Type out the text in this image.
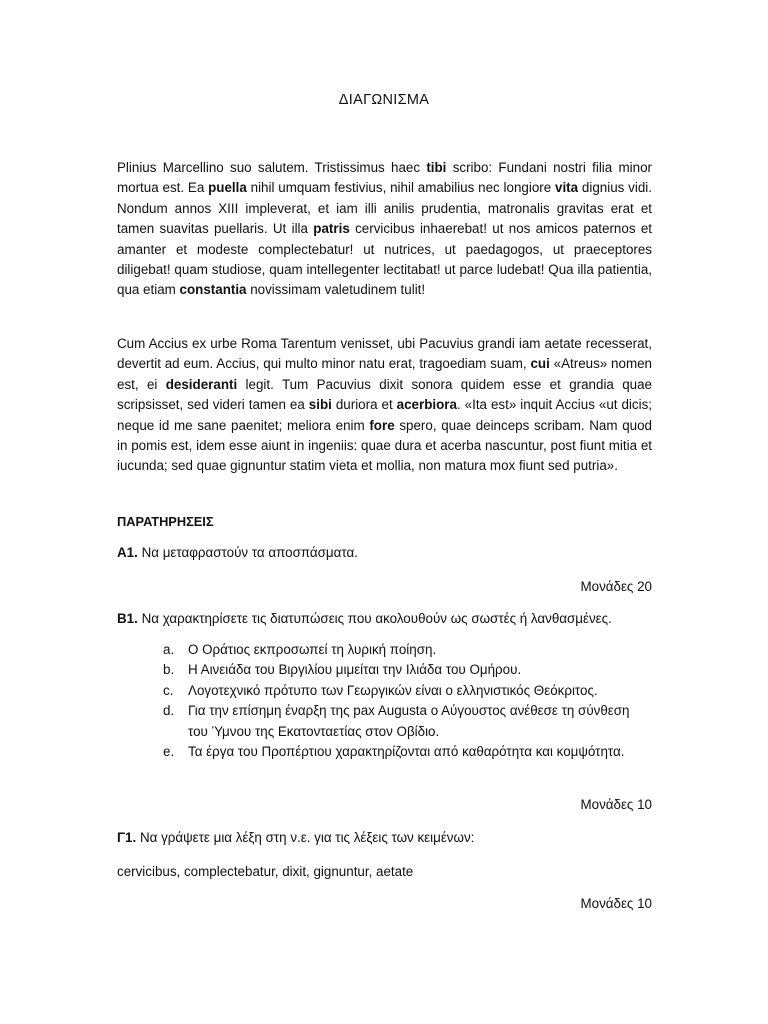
ΔΙΑΓΩΝΙΣΜΑ

Plinius Marcellino suo salutem. Tristissimus haec tibi scribo: Fundani nostri filia minor mortua est. Ea puella nihil umquam festivius, nihil amabilius nec longiore vita dignius vidi. Nondum annos XIII impleverat, et iam illi anilis prudentia, matronalis gravitas erat et tamen suavitas puellaris. Ut illa patris cervicibus inhaerebat! ut nos amicos paternos et amanter et modeste complectebatur! ut nutrices, ut paedagogos, ut praeceptores diligebat! quam studiose, quam intellegenter lectitabat! ut parce ludebat! Qua illa patientia, qua etiam constantia novissimam valetudinem tulit!

Cum Accius ex urbe Roma Tarentum venisset, ubi Pacuvius grandi iam aetate recesserat, devertit ad eum. Accius, qui multo minor natu erat, tragoediam suam, cui «Atreus» nomen est, ei desideranti legit. Tum Pacuvius dixit sonora quidem esse et grandia quae scripsisset, sed videri tamen ea sibi duriora et acerbiora. «Ita est» inquit Accius «ut dicis; neque id me sane paenitet; meliora enim fore spero, quae deinceps scribam. Nam quod in pomis est, idem esse aiunt in ingeniis: quae dura et acerba nascuntur, post fiunt mitia et iucunda; sed quae gignuntur statim vieta et mollia, non matura mox fiunt sed putria».

ΠΑΡΑΤΗΡΗΣΕΙΣ

Α1. Να μεταφραστούν τα αποσπάσματα.

Μονάδες 20

Β1. Να χαρακτηρίσετε τις διατυπώσεις που ακολουθούν ως σωστές ή λανθασμένες.

a. Ο Οράτιος εκπροσωπεί τη λυρική ποίηση.
b. Η Αινειάδα του Βιργιλίου μιμείται την Ιλιάδα του Ομήρου.
c. Λογοτεχνικό πρότυπο των Γεωργικών είναι ο ελληνιστικός Θεόκριτος.
d. Για την επίσημη έναρξη της pax Augusta ο Αύγουστος ανέθεσε τη σύνθεση του Ύμνου της Εκατονταετίας στον Οβίδιο.
e. Τα έργα του Προπέρτιου χαρακτηρίζονται από καθαρότητα και κομψότητα.

Μονάδες 10

Γ1. Να γράψετε μια λέξη στη ν.ε. για τις λέξεις των κειμένων:

cervicibus, complectebatur, dixit, gignuntur, aetate

Μονάδες 10
